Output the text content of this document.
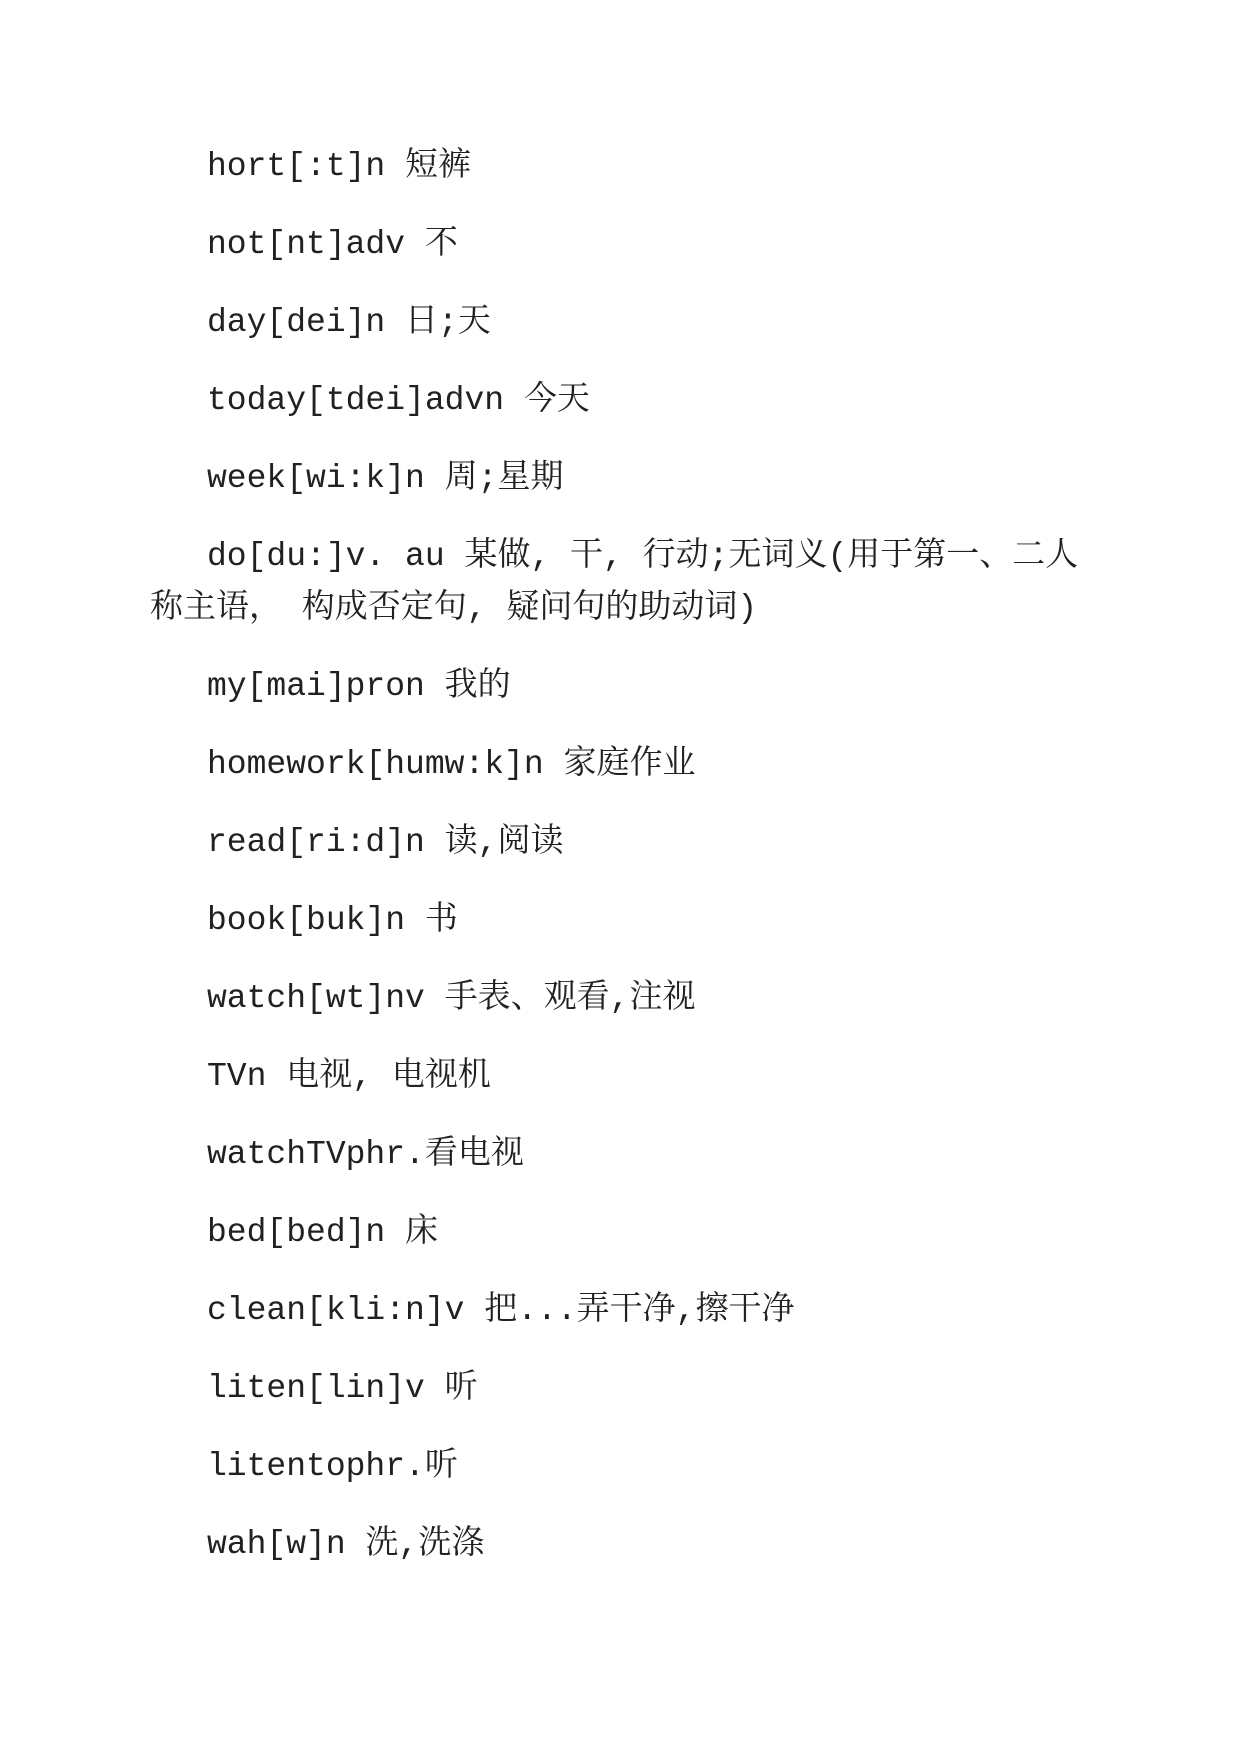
hort[:t]n 短裤

not[nt]adv 不

day[dei]n 日;天

today[tdei]advn 今天

week[wi:k]n 周;星期

do[du:]v. au 某做, 干, 行动;无词义(用于第一、二人称主语， 构成否定句, 疑问句的助动词)

my[mai]pron 我的

homework[humw:k]n 家庭作业

read[ri:d]n 读,阅读

book[buk]n 书

watch[wt]nv 手表、观看,注视

TVn 电视, 电视机

watchTVphr.看电视

bed[bed]n 床

clean[kli:n]v 把...弄干净,擦干净

liten[lin]v 听

litentophr.听

wah[w]n 洗,洗涤
